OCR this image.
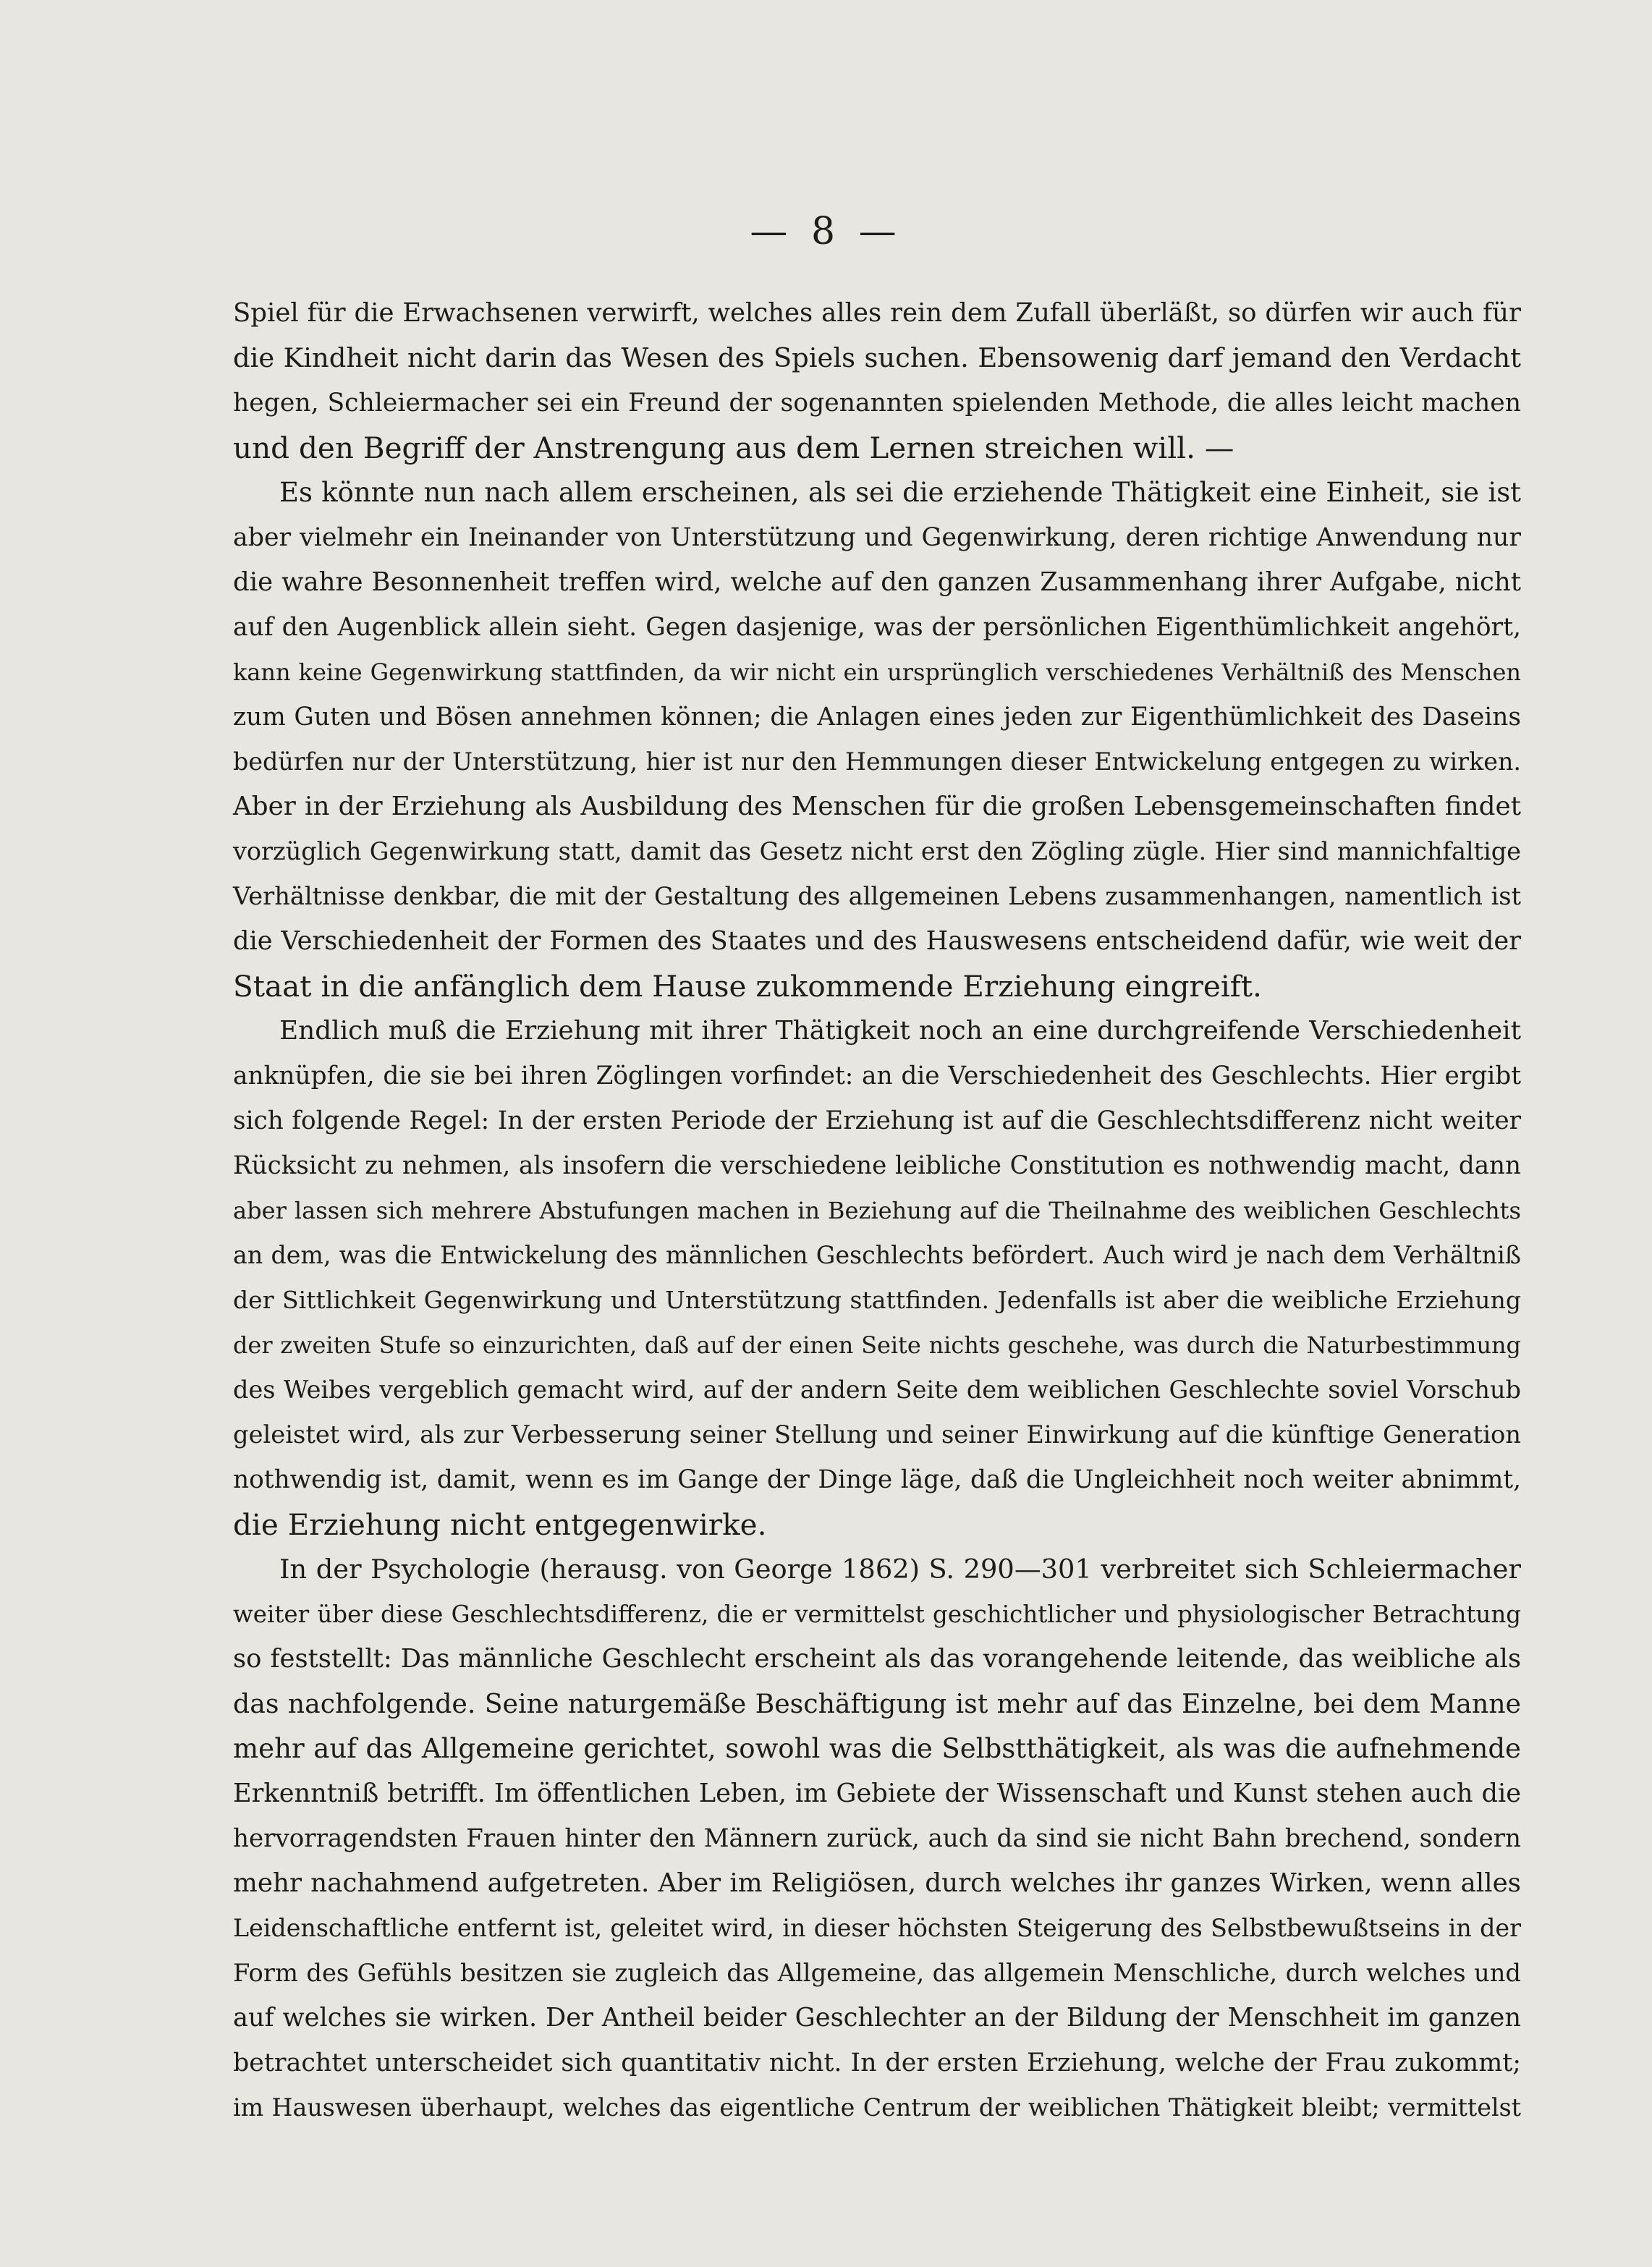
— 8 —
Spiel für die Erwachsenen verwirft, welches alles rein dem Zufall überläßt, so dürfen wir auch für
die Kindheit nicht darin das Wesen des Spiels suchen. Ebensowenig darf jemand den Verdacht
hegen, Schleiermacher sei ein Freund der sogenannten spielenden Methode, die alles leicht machen
und den Begriff der Anstrengung aus dem Lernen streichen will. —
Es könnte nun nach allem erscheinen, als sei die erziehende Thätigkeit eine Einheit, sie ist
aber vielmehr ein Ineinander von Unterstützung und Gegenwirkung, deren richtige Anwendung nur
die wahre Besonnenheit treffen wird, welche auf den ganzen Zusammenhang ihrer Aufgabe, nicht
auf den Augenblick allein sieht. Gegen dasjenige, was der persönlichen Eigenthümlichkeit angehört,
kann keine Gegenwirkung stattfinden, da wir nicht ein ursprünglich verschiedenes Verhältniß des Menschen
zum Guten und Bösen annehmen können; die Anlagen eines jeden zur Eigenthümlichkeit des Daseins
bedürfen nur der Unterstützung, hier ist nur den Hemmungen dieser Entwickelung entgegen zu wirken.
Aber in der Erziehung als Ausbildung des Menschen für die großen Lebensgemeinschaften findet
vorzüglich Gegenwirkung statt, damit das Gesetz nicht erst den Zögling zügle. Hier sind mannichfaltige
Verhältnisse denkbar, die mit der Gestaltung des allgemeinen Lebens zusammenhangen, namentlich ist
die Verschiedenheit der Formen des Staates und des Hauswesens entscheidend dafür, wie weit der
Staat in die anfänglich dem Hause zukommende Erziehung eingreift.
Endlich muß die Erziehung mit ihrer Thätigkeit noch an eine durchgreifende Verschiedenheit
anknüpfen, die sie bei ihren Zöglingen vorfindet: an die Verschiedenheit des Geschlechts. Hier ergibt
sich folgende Regel: In der ersten Periode der Erziehung ist auf die Geschlechtsdifferenz nicht weiter
Rücksicht zu nehmen, als insofern die verschiedene leibliche Constitution es nothwendig macht, dann
aber lassen sich mehrere Abstufungen machen in Beziehung auf die Theilnahme des weiblichen Geschlechts
an dem, was die Entwickelung des männlichen Geschlechts befördert. Auch wird je nach dem Verhältniß
der Sittlichkeit Gegenwirkung und Unterstützung stattfinden. Jedenfalls ist aber die weibliche Erziehung
der zweiten Stufe so einzurichten, daß auf der einen Seite nichts geschehe, was durch die Naturbestimmung
des Weibes vergeblich gemacht wird, auf der andern Seite dem weiblichen Geschlechte soviel Vorschub
geleistet wird, als zur Verbesserung seiner Stellung und seiner Einwirkung auf die künftige Generation
nothwendig ist, damit, wenn es im Gange der Dinge läge, daß die Ungleichheit noch weiter abnimmt,
die Erziehung nicht entgegenwirke.
In der Psychologie (herausg. von George 1862) S. 290—301 verbreitet sich Schleiermacher
weiter über diese Geschlechtsdifferenz, die er vermittelst geschichtlicher und physiologischer Betrachtung
so feststellt: Das männliche Geschlecht erscheint als das vorangehende leitende, das weibliche als
das nachfolgende. Seine naturgemäße Beschäftigung ist mehr auf das Einzelne, bei dem Manne
mehr auf das Allgemeine gerichtet, sowohl was die Selbstthätigkeit, als was die aufnehmende
Erkenntniß betrifft. Im öffentlichen Leben, im Gebiete der Wissenschaft und Kunst stehen auch die
hervorragendsten Frauen hinter den Männern zurück, auch da sind sie nicht Bahn brechend, sondern
mehr nachahmend aufgetreten. Aber im Religiösen, durch welches ihr ganzes Wirken, wenn alles
Leidenschaftliche entfernt ist, geleitet wird, in dieser höchsten Steigerung des Selbstbewußtseins in der
Form des Gefühls besitzen sie zugleich das Allgemeine, das allgemein Menschliche, durch welches und
auf welches sie wirken. Der Antheil beider Geschlechter an der Bildung der Menschheit im ganzen
betrachtet unterscheidet sich quantitativ nicht. In der ersten Erziehung, welche der Frau zukommt;
im Hauswesen überhaupt, welches das eigentliche Centrum der weiblichen Thätigkeit bleibt; vermittelst
